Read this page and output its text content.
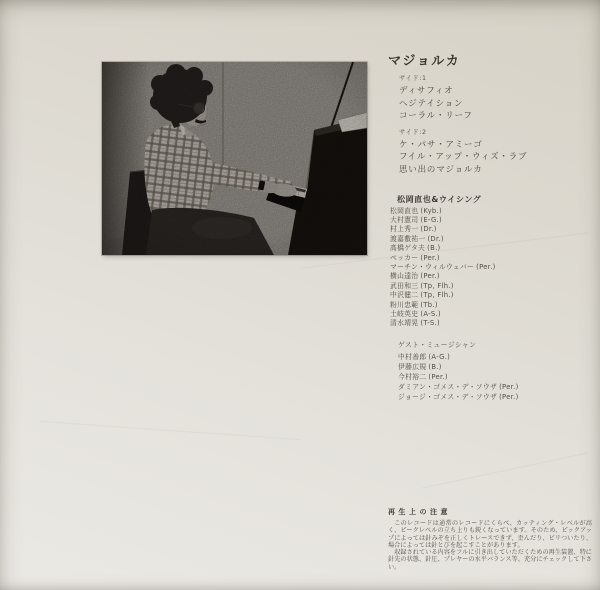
マジョルカ
サイド:1
ディサフィオ
ヘジテイション
コーラル・リーフ
サイド:2
ケ・パサ・アミーゴ
フイル・アップ・ウィズ・ラブ
思い出のマジョルカ
松岡直也&ウイシング
松岡直也 (Kyb.)
大村憲司 (E-G.)
村上秀一 (Dr.)
渡嘉敷祐一 (Dr.)
高橋ゲタ夫 (B.)
ペッカー (Per.)
マーチン・ウィルウェバー (Per.)
横山達治 (Per.)
武田和三 (Tp, Flh.)
中沢健二 (Tp, Flh.)
粉川忠範 (Tb.)
土岐英史 (A-S.)
清水靖晃 (T-S.)
ゲスト・ミュージシャン
中村善郎 (A-G.)
伊藤広規 (B.)
今村裕二 (Per.)
ダミアン・ゴメス・デ・ソウザ (Per.)
ジョージ・ゴメス・デ・ソウザ (Per.)
再生上の注意

このレコードは通常のレコードにくらべ、カッティング・レベルが高く、ピークレベルの立ち上りも鋭くなっています。そのため、ピックアップによっては針みぞを正しくトレースできず、歪んだり、ビリついたり、場合によっては針とびを起こすことがあります。

収録されている内容をフルに引き出していただくための再生装置、特に針先の状態、針圧、プレヤーの水平バランス等、充分にチェックして下さい。
